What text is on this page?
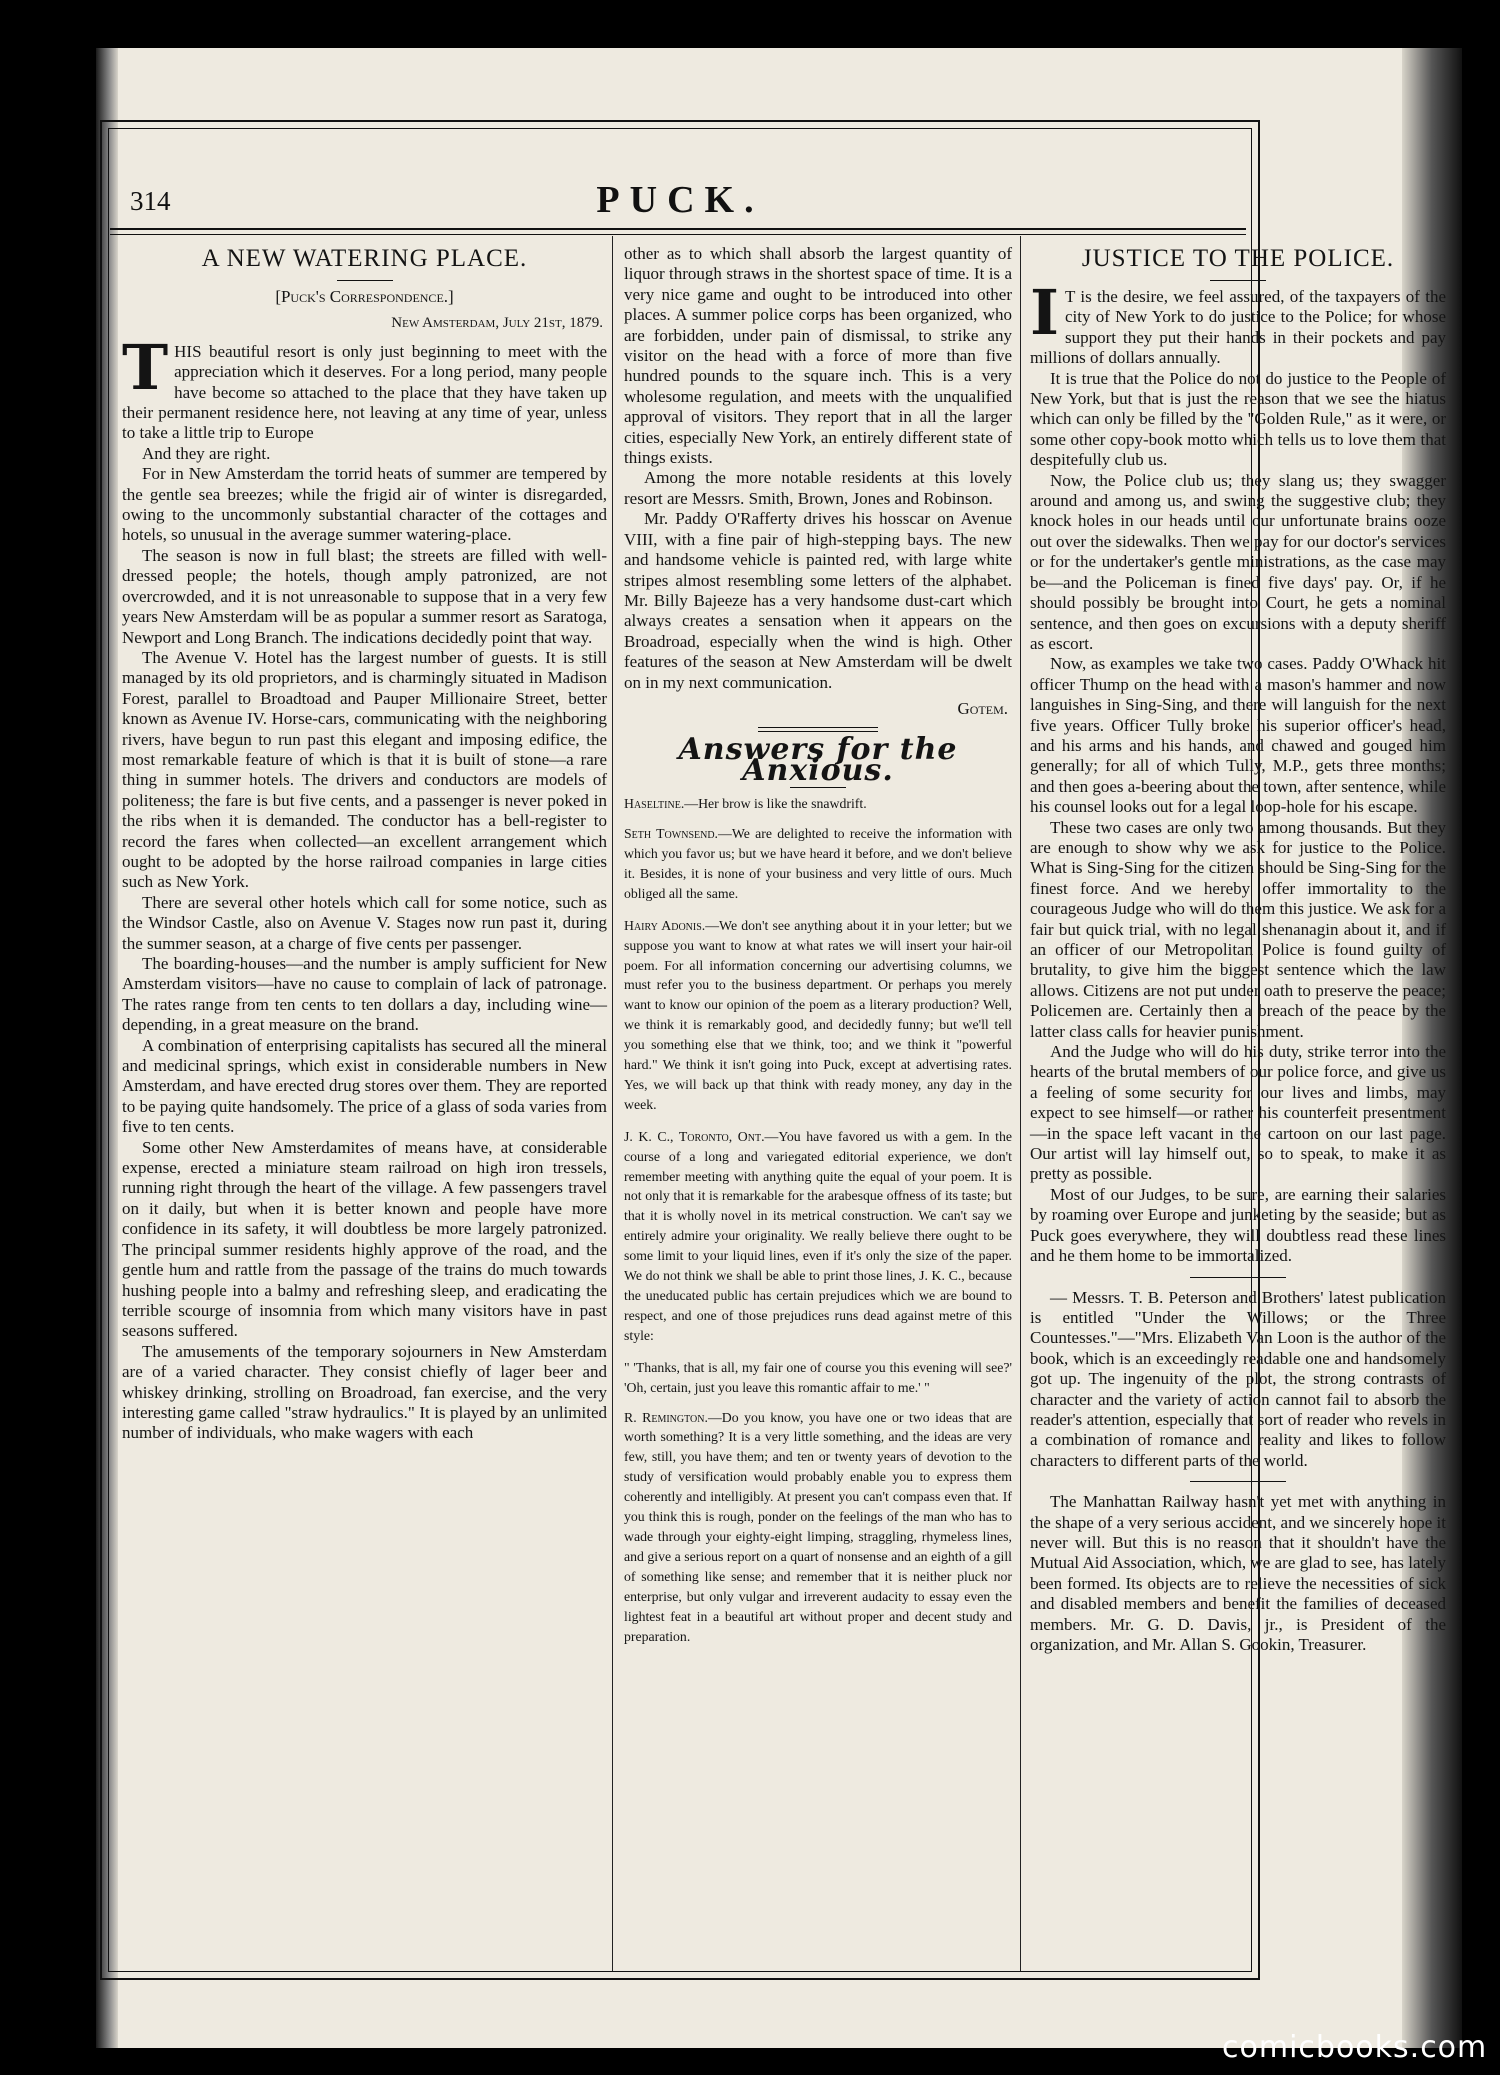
314	PUCK.
A NEW WATERING PLACE.
[Puck's Correspondence.]
New Amsterdam, July 21st, 1879.

THIS beautiful resort is only just beginning to meet with the appreciation which it deserves. For a long period, many people have become so attached to the place that they have taken up their permanent residence here, not leaving at any time of year, unless to take a little trip to Europe

And they are right.

For in New Amsterdam the torrid heats of summer are tempered by the gentle sea breezes; while the frigid air of winter is disregarded, owing to the uncommonly substantial character of the cottages and hotels, so unusual in the average summer watering-place.

The season is now in full blast; the streets are filled with well-dressed people; the hotels, though amply patronized, are not overcrowded, and it is not unreasonable to suppose that in a very few years New Amsterdam will be as popular a summer resort as Saratoga, Newport and Long Branch. The indications decidedly point that way.

The Avenue V. Hotel has the largest number of guests. It is still managed by its old proprietors, and is charmingly situated in Madison Forest, parallel to Broadtoad and Pauper Millionaire Street, better known as Avenue IV. Horse-cars, communicating with the neighboring rivers, have begun to run past this elegant and imposing edifice, the most remarkable feature of which is that it is built of stone—a rare thing in summer hotels. The drivers and conductors are models of politeness; the fare is but five cents, and a passenger is never poked in the ribs when it is demanded. The conductor has a bell-register to record the fares when collected—an excellent arrangement which ought to be adopted by the horse railroad companies in large cities such as New York.

There are several other hotels which call for some notice, such as the Windsor Castle, also on Avenue V. Stages now run past it, during the summer season, at a charge of five cents per passenger.

The boarding-houses—and the number is amply sufficient for New Amsterdam visitors—have no cause to complain of lack of patronage. The rates range from ten cents to ten dollars a day, including wine—depending, in a great measure on the brand.

A combination of enterprising capitalists has secured all the mineral and medicinal springs, which exist in considerable numbers in New Amsterdam, and have erected drug stores over them. They are reported to be paying quite handsomely. The price of a glass of soda varies from five to ten cents.

Some other New Amsterdamites of means have, at considerable expense, erected a miniature steam railroad on high iron tressels, running right through the heart of the village. A few passengers travel on it daily, but when it is better known and people have more confidence in its safety, it will doubtless be more largely patronized. The principal summer residents highly approve of the road, and the gentle hum and rattle from the passage of the trains do much towards hushing people into a balmy and refreshing sleep, and eradicating the terrible scourge of insomnia from which many visitors have in past seasons suffered.

The amusements of the temporary sojourners in New Amsterdam are of a varied character. They consist chiefly of lager beer and whiskey drinking, strolling on Broadroad, fan exercise, and the very interesting game called "straw hydraulics." It is played by an unlimited number of individuals, who make wagers with each

other as to which shall absorb the largest quantity of liquor through straws in the shortest space of time. It is a very nice game and ought to be introduced into other places. A summer police corps has been organized, who are forbidden, under pain of dismissal, to strike any visitor on the head with a force of more than five hundred pounds to the square inch. This is a very wholesome regulation, and meets with the unqualified approval of visitors. They report that in all the larger cities, especially New York, an entirely different state of things exists.

Among the more notable residents at this lovely resort are Messrs. Smith, Brown, Jones and Robinson.

Mr. Paddy O'Rafferty drives his hosscar on Avenue VIII, with a fine pair of high-stepping bays. The new and handsome vehicle is painted red, with large white stripes almost resembling some letters of the alphabet. Mr. Billy Bajeeze has a very handsome dust-cart which always creates a sensation when it appears on the Broadroad, especially when the wind is high. Other features of the season at New Amsterdam will be dwelt on in my next communication.

Gotem.
Answers for the Anxious.

Haseltine.—Her brow is like the snawdrift.

Seth Townsend.—We are delighted to receive the information with which you favor us; but we have heard it before, and we don't believe it. Besides, it is none of your business and very little of ours. Much obliged all the same.

Hairy Adonis.—We don't see anything about it in your letter; but we suppose you want to know at what rates we will insert your hair-oil poem. For all information concerning our advertising columns, we must refer you to the business department. Or perhaps you merely want to know our opinion of the poem as a literary production? Well, we think it is remarkably good, and decidedly funny; but we'll tell you something else that we think, too; and we think it "powerful hard." We think it isn't going into Puck, except at advertising rates. Yes, we will back up that think with ready money, any day in the week.

J. K. C., Toronto, Ont.—You have favored us with a gem. In the course of a long and variegated editorial experience, we don't remember meeting with anything quite the equal of your poem. It is not only that it is remarkable for the arabesque offness of its taste; but that it is wholly novel in its metrical construction. We can't say we entirely admire your originality. We really believe there ought to be some limit to your liquid lines, even if it's only the size of the paper. We do not think we shall be able to print those lines, J. K. C., because the uneducated public has certain prejudices which we are bound to respect, and one of those prejudices runs dead against metre of this style:

" 'Thanks, that is all, my fair one of course you this evening will see?' 'Oh, certain, just you leave this romantic affair to me.' "

R. Remington.—Do you know, you have one or two ideas that are worth something? It is a very little something, and the ideas are very few, still, you have them; and ten or twenty years of devotion to the study of versification would probably enable you to express them coherently and intelligibly. At present you can't compass even that. If you think this is rough, ponder on the feelings of the man who has to wade through your eighty-eight limping, straggling, rhymeless lines, and give a serious report on a quart of nonsense and an eighth of a gill of something like sense; and remember that it is neither pluck nor enterprise, but only vulgar and irreverent audacity to essay even the lightest feat in a beautiful art without proper and decent study and preparation.

JUSTICE TO THE POLICE.

I T is the desire, we feel assured, of the taxpayers of the city of New York to do justice to the Police; for whose support they put their hands in their pockets and pay millions of dollars annually.

It is true that the Police do not do justice to the People of New York, but that is just the reason that we see the hiatus which can only be filled by the "Golden Rule," as it were, or some other copy-book motto which tells us to love them that despitefully club us.

Now, the Police club us; they slang us; they swagger around and among us, and swing the suggestive club; they knock holes in our heads until our unfortunate brains ooze out over the sidewalks. Then we pay for our doctor's services or for the undertaker's gentle ministrations, as the case may be—and the Policeman is fined five days' pay. Or, if he should possibly be brought into Court, he gets a nominal sentence, and then goes on excursions with a deputy sheriff as escort.

Now, as examples we take two cases. Paddy O'Whack hit officer Thump on the head with a mason's hammer and now languishes in Sing-Sing, and there will languish for the next five years. Officer Tully broke his superior officer's head, and his arms and his hands, and chawed and gouged him generally; for all of which Tully, M.P., gets three months; and then goes a-beering about the town, after sentence, while his counsel looks out for a legal loop-hole for his escape.

These two cases are only two among thousands. But they are enough to show why we ask for justice to the Police. What is Sing-Sing for the citizen should be Sing-Sing for the finest force. And we hereby offer immortality to the courageous Judge who will do them this justice. We ask for a fair but quick trial, with no legal shenanagin about it, and if an officer of our Metropolitan Police is found guilty of brutality, to give him the biggest sentence which the law allows. Citizens are not put under oath to preserve the peace; Policemen are. Certainly then a breach of the peace by the latter class calls for heavier punishment.

And the Judge who will do his duty, strike terror into the hearts of the brutal members of our police force, and give us a feeling of some security for our lives and limbs, may expect to see himself—or rather his counterfeit presentment—in the space left vacant in the cartoon on our last page. Our artist will lay himself out, so to speak, to make it as pretty as possible.

Most of our Judges, to be sure, are earning their salaries by roaming over Europe and junketing by the seaside; but as Puck goes everywhere, they will doubtless read these lines and he them home to be immortalized.

— Messrs. T. B. Peterson and Brothers' latest publication is entitled "Under the Willows; or the Three Countesses."—"Mrs. Elizabeth Van Loon is the author of the book, which is an exceedingly readable one and handsomely got up. The ingenuity of the plot, the strong contrasts of character and the variety of action cannot fail to absorb the reader's attention, especially that sort of reader who revels in a combination of romance and reality and likes to follow characters to different parts of the world.

The Manhattan Railway hasn't yet met with anything in the shape of a very serious accident, and we sincerely hope it never will. But this is no reason that it shouldn't have the Mutual Aid Association, which, we are glad to see, has lately been formed. Its objects are to relieve the necessities of sick and disabled members and benefit the families of deceased members. Mr. G. D. Davis, jr., is President of the organization, and Mr. Allan S. Gookin, Treasurer.

comicbooks.com
